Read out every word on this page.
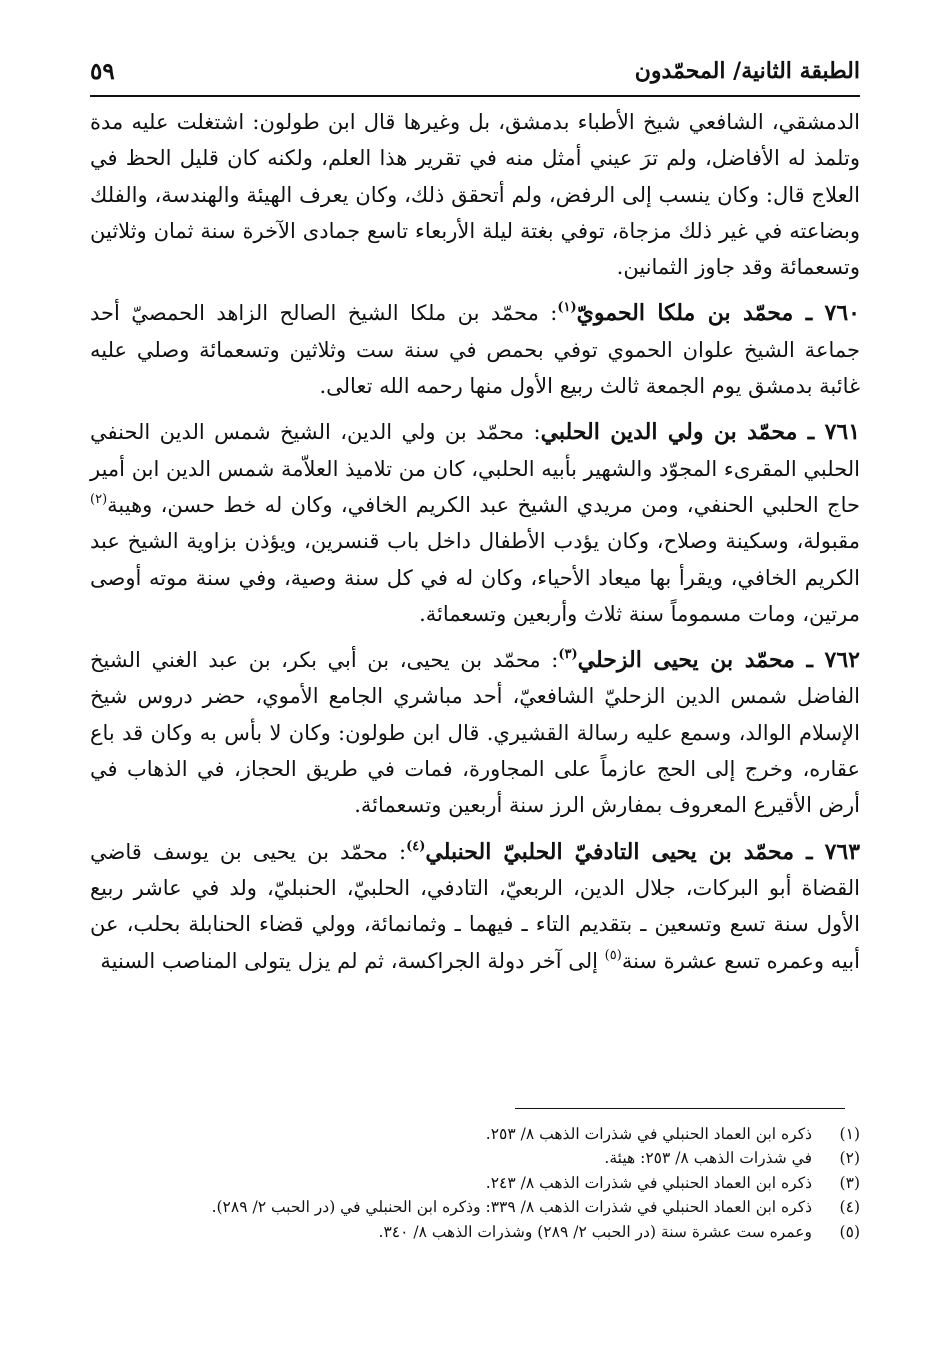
الطبقة الثانية/ المحمّدون
٥٩

الدمشقي، الشافعي شيخ الأطباء بدمشق، بل وغيرها قال ابن طولون: اشتغلت عليه مدة وتلمذ له الأفاضل، ولم ترَ عيني أمثل منه في تقرير هذا العلم، ولكنه كان قليل الحظ في العلاج قال: وكان ينسب إلى الرفض، ولم أتحقق ذلك، وكان يعرف الهيئة والهندسة، والفلك وبضاعته في غير ذلك مزجاة، توفي بغتة ليلة الأربعاء تاسع جمادى الآخرة سنة ثمان وثلاثين وتسعمائة وقد جاوز الثمانين.

٧٦٠ ـ محمّد بن ملكا الحمويّ$^{(١)}$: محمّد بن ملكا الشيخ الصالح الزاهد الحمصيّ أحد جماعة الشيخ علوان الحموي توفي بحمص في سنة ست وثلاثين وتسعمائة وصلي عليه غائبة بدمشق يوم الجمعة ثالث ربيع الأول منها رحمه الله تعالى.

٧٦١ ـ محمّد بن ولي الدين الحلبي: محمّد بن ولي الدين، الشيخ شمس الدين الحنفي الحلبي المقرىء المجوّد والشهير بأبيه الحلبي، كان من تلاميذ العلاّمة شمس الدين ابن أمير حاج الحلبي الحنفي، ومن مريدي الشيخ عبد الكريم الخافي، وكان له خط حسن، وهيبة$^{(٢)}$ مقبولة، وسكينة وصلاح، وكان يؤدب الأطفال داخل باب قنسرين، ويؤذن بزاوية الشيخ عبد الكريم الخافي، ويقرأ بها ميعاد الأحياء، وكان له في كل سنة وصية، وفي سنة موته أوصى مرتين، ومات مسموماً سنة ثلاث وأربعين وتسعمائة.

٧٦٢ ـ محمّد بن يحيى الزحلي$^{(٣)}$: محمّد بن يحيى، بن أبي بكر، بن عبد الغني الشيخ الفاضل شمس الدين الزحليّ الشافعيّ، أحد مباشري الجامع الأموي، حضر دروس شيخ الإسلام الوالد، وسمع عليه رسالة القشيري. قال ابن طولون: وكان لا بأس به وكان قد باع عقاره، وخرج إلى الحج عازماً على المجاورة، فمات في طريق الحجاز، في الذهاب في أرض الأقيرع المعروف بمفارش الرز سنة أربعين وتسعمائة.

٧٦٣ ـ محمّد بن يحيى التادفيّ الحلبيّ الحنبلي$^{(٤)}$: محمّد بن يحيى بن يوسف قاضي القضاة أبو البركات، جلال الدين، الربعيّ، التادفي، الحلبيّ، الحنبليّ، ولد في عاشر ربيع الأول سنة تسع وتسعين ـ بتقديم التاء ـ فيهما ـ وثمانمائة، وولي قضاء الحنابلة بحلب، عن أبيه وعمره تسع عشرة سنة$^{(٥)}$ إلى آخر دولة الجراكسة، ثم لم يزل يتولى المناصب السنية

(١)
ذكره ابن العماد الحنبلي في شذرات الذهب ٨/ ٢٥٣.
(٢)
في شذرات الذهب ٨/ ٢٥٣: هيئة.
(٣)
ذكره ابن العماد الحنبلي في شذرات الذهب ٨/ ٢٤٣.
(٤)
ذكره ابن العماد الحنبلي في شذرات الذهب ٨/ ٣٣٩: وذكره ابن الحنبلي في (در الحبب ٢/ ٢٨٩).
(٥)
وعمره ست عشرة سنة (در الحبب ٢/ ٢٨٩) وشذرات الذهب ٨/ ٣٤٠.
